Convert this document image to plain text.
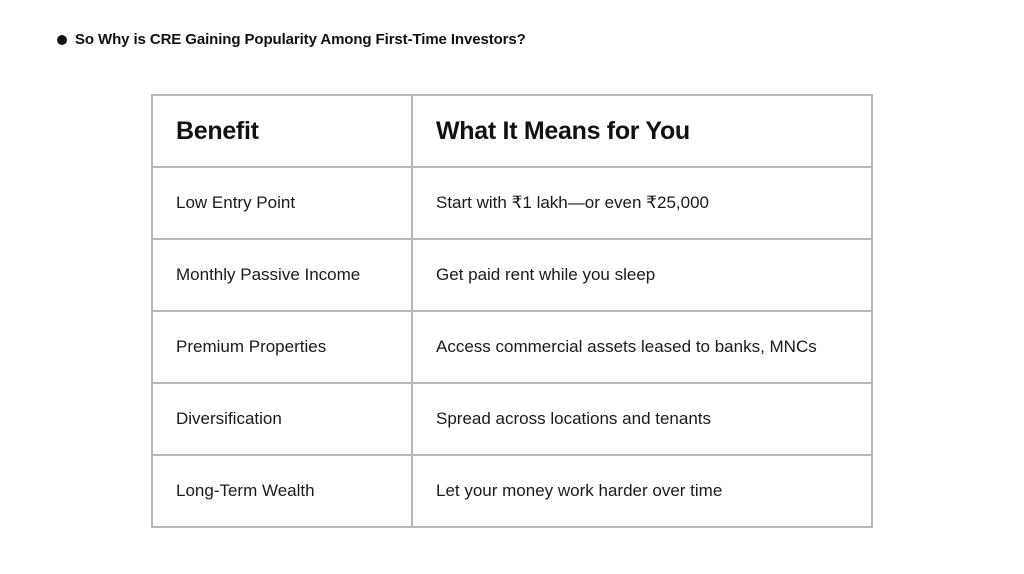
So Why is CRE Gaining Popularity Among First-Time Investors?
Benefit	What It Means for You
Low Entry Point	Start with ₹1 lakh—or even ₹25,000
Monthly Passive Income	Get paid rent while you sleep
Premium Properties	Access commercial assets leased to banks, MNCs
Diversification	Spread across locations and tenants
Long-Term Wealth	Let your money work harder over time
